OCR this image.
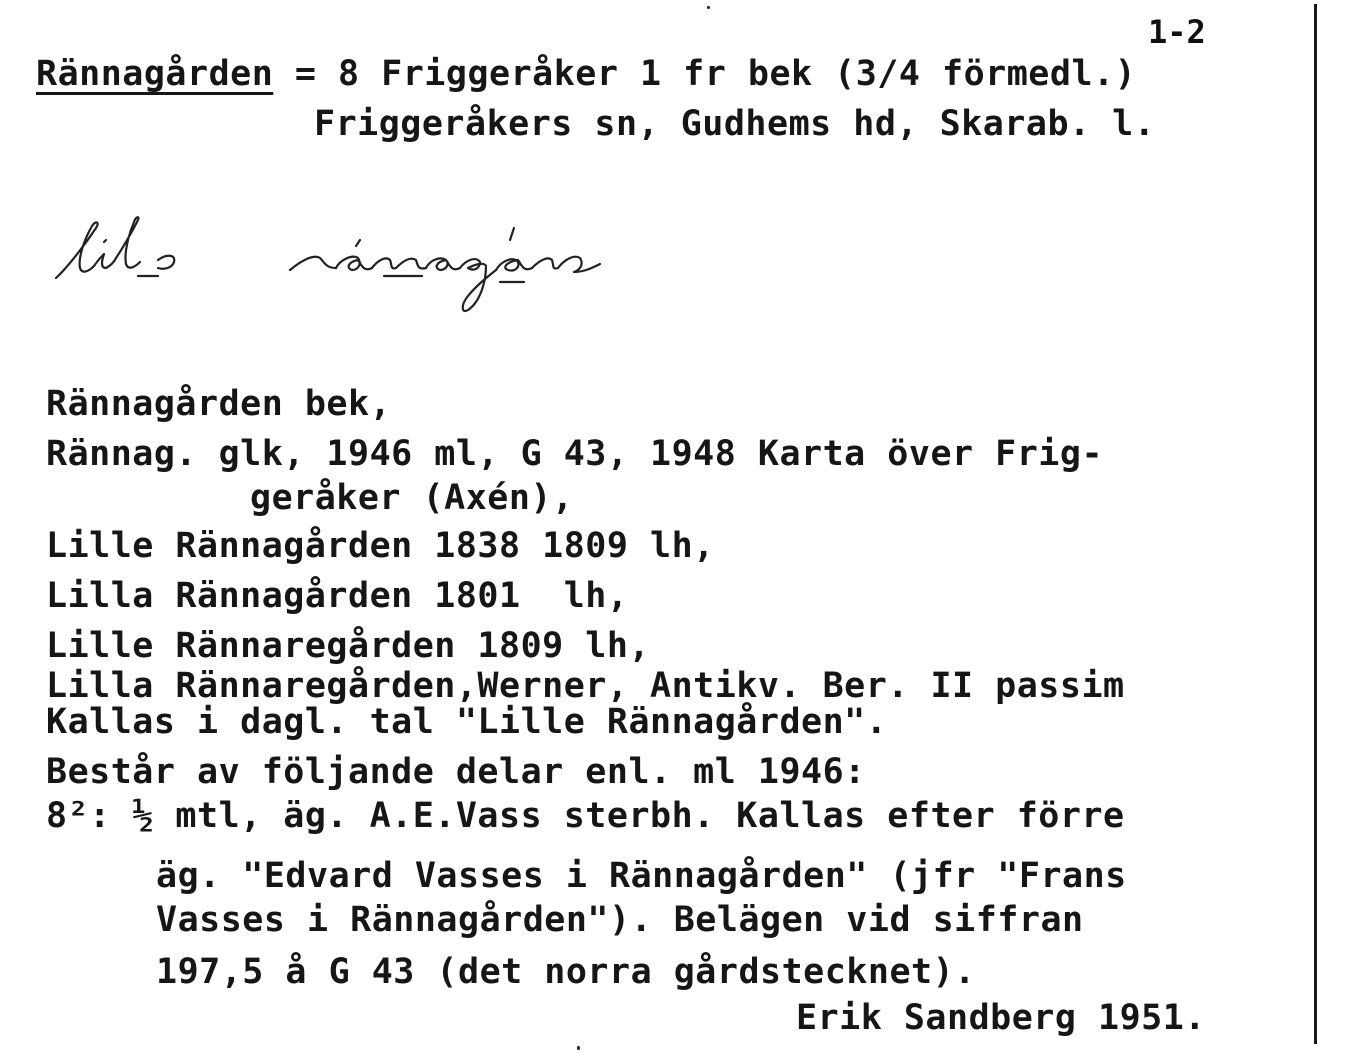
1-2
Rännagården = 8 Friggeråker 1 fr bek (3/4 förmedl.)
Friggeråkers sn, Gudhems hd, Skarab. l.
Rännagården bek,
Rännag. glk, 1946 ml, G 43, 1948 Karta över Frig-
geråker (Axén),
Lille Rännagården 1838 1809 lh,
Lilla Rännagården 1801  lh,
Lille Rännaregården 1809 lh,
Lilla Rännaregården,Werner, Antikv. Ber. II passim
Kallas i dagl. tal "Lille Rännagården".
Består av följande delar enl. ml 1946:
8²: ½ mtl, äg. A.E.Vass sterbh. Kallas efter förre
äg. "Edvard Vasses i Rännagården" (jfr "Frans
Vasses i Rännagården"). Belägen vid siffran
197,5 å G 43 (det norra gårdstecknet).
Erik Sandberg 1951.
